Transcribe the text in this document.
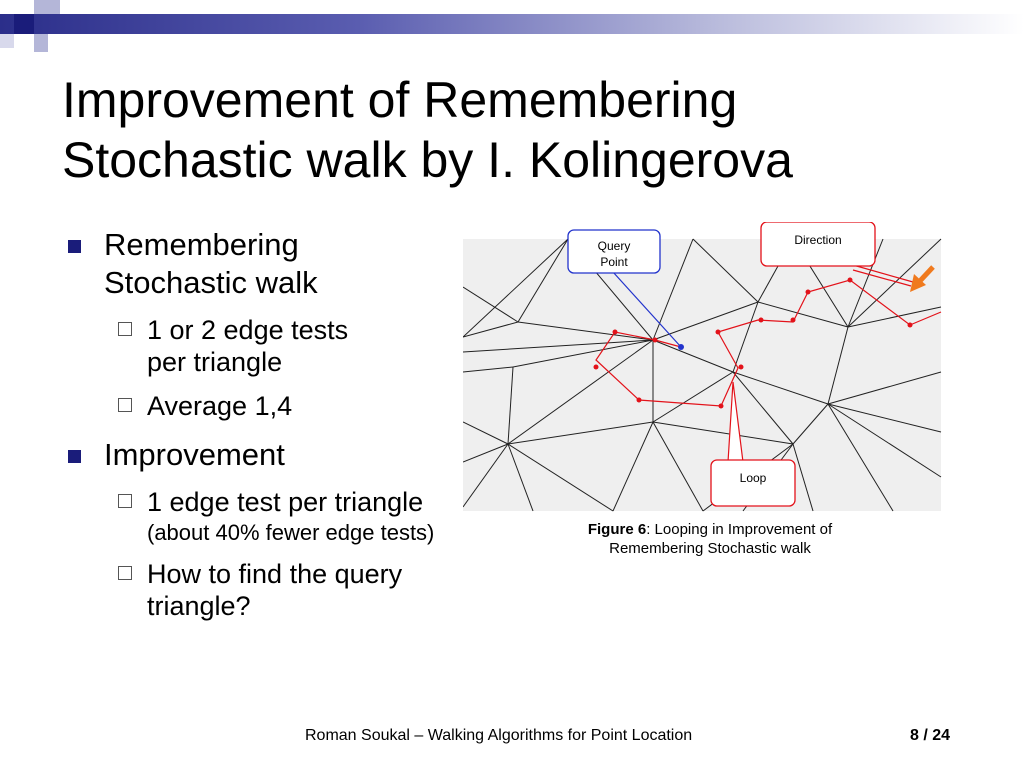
Improvement of Remembering
Stochastic walk by I. Kolingerova
Remembering
Stochastic walk
1 or 2 edge tests
per triangle
Average 1,4
Improvement
1 edge test per triangle
(about 40% fewer edge tests)
How to find the query
triangle?
Query
Point
Direction
Loop
Figure 6: Looping in Improvement of
Remembering Stochastic walk
Roman Soukal – Walking Algorithms for Point Location	8 / 24
